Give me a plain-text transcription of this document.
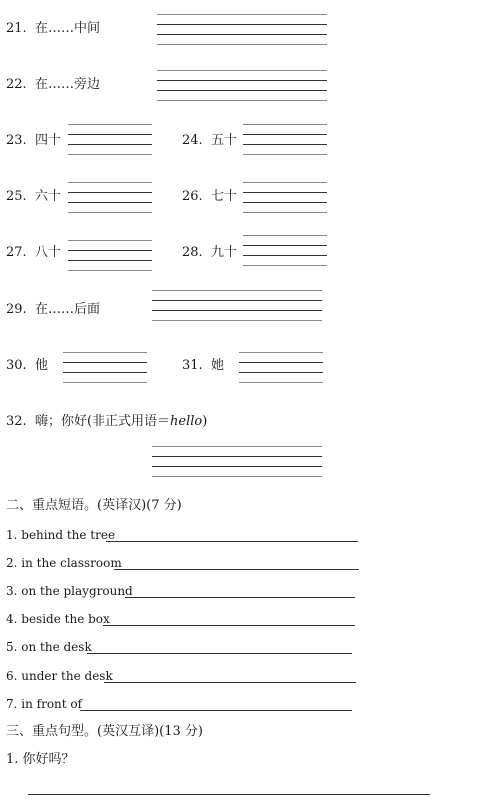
21. 在……中间
22. 在……旁边
23. 四十	24. 五十
25. 六十	26. 七十
27. 八十	28. 九十
29. 在……后面
30. 他	31. 她
32. 嗨；你好(非正式用语＝hello)
二、重点短语。(英译汉)(7 分)
1. behind the tree
2. in the classroom
3. on the playground
4. beside the box
5. on the desk
6. under the desk
7. in front of
三、重点句型。(英汉互译)(13 分)
1. 你好吗？
